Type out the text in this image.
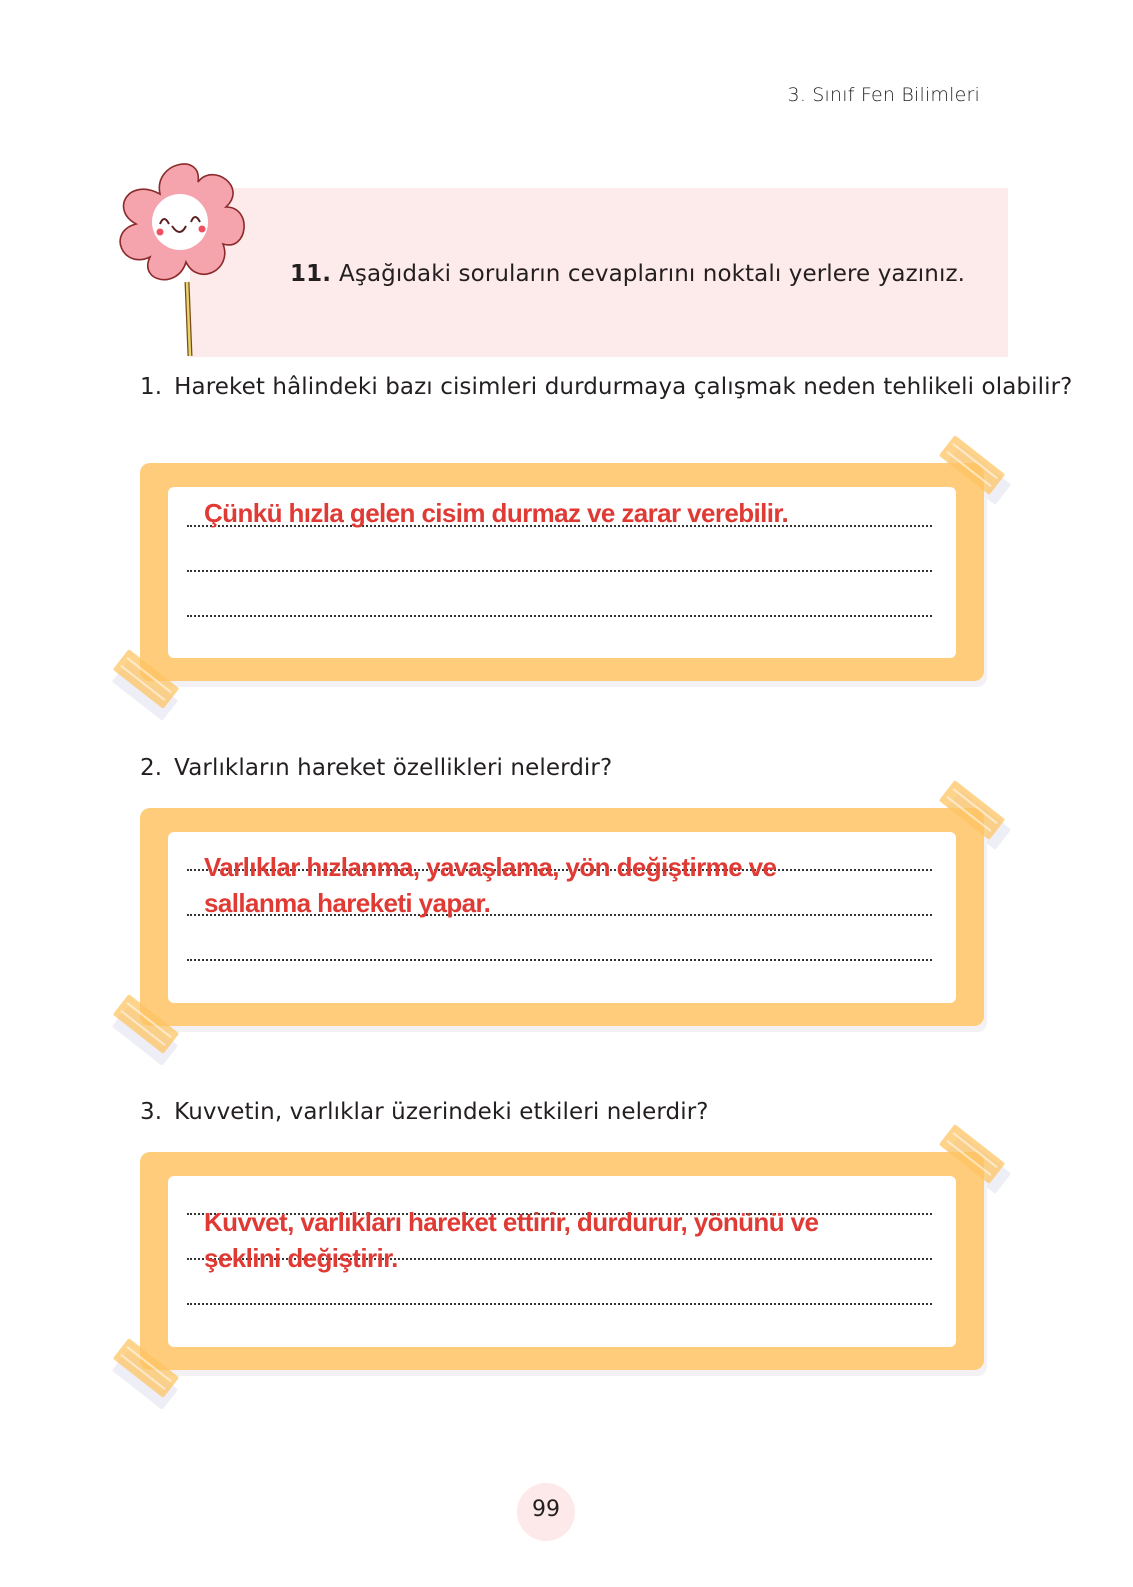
3. Sınıf Fen Bilimleri
11. Aşağıdaki soruların cevaplarını noktalı yerlere yazınız.
1. Hareket hâlindeki bazı cisimleri durdurmaya çalışmak neden tehlikeli olabilir?
Çünkü hızla gelen cisim durmaz ve zarar verebilir.
2. Varlıkların hareket özellikleri nelerdir?
Varlıklar hızlanma, yavaşlama, yön değiştirme ve
sallanma hareketi yapar.
3. Kuvvetin, varlıklar üzerindeki etkileri nelerdir?
Kuvvet, varlıkları hareket ettirir, durdurur, yönünü ve
şeklini değiştirir.
99
